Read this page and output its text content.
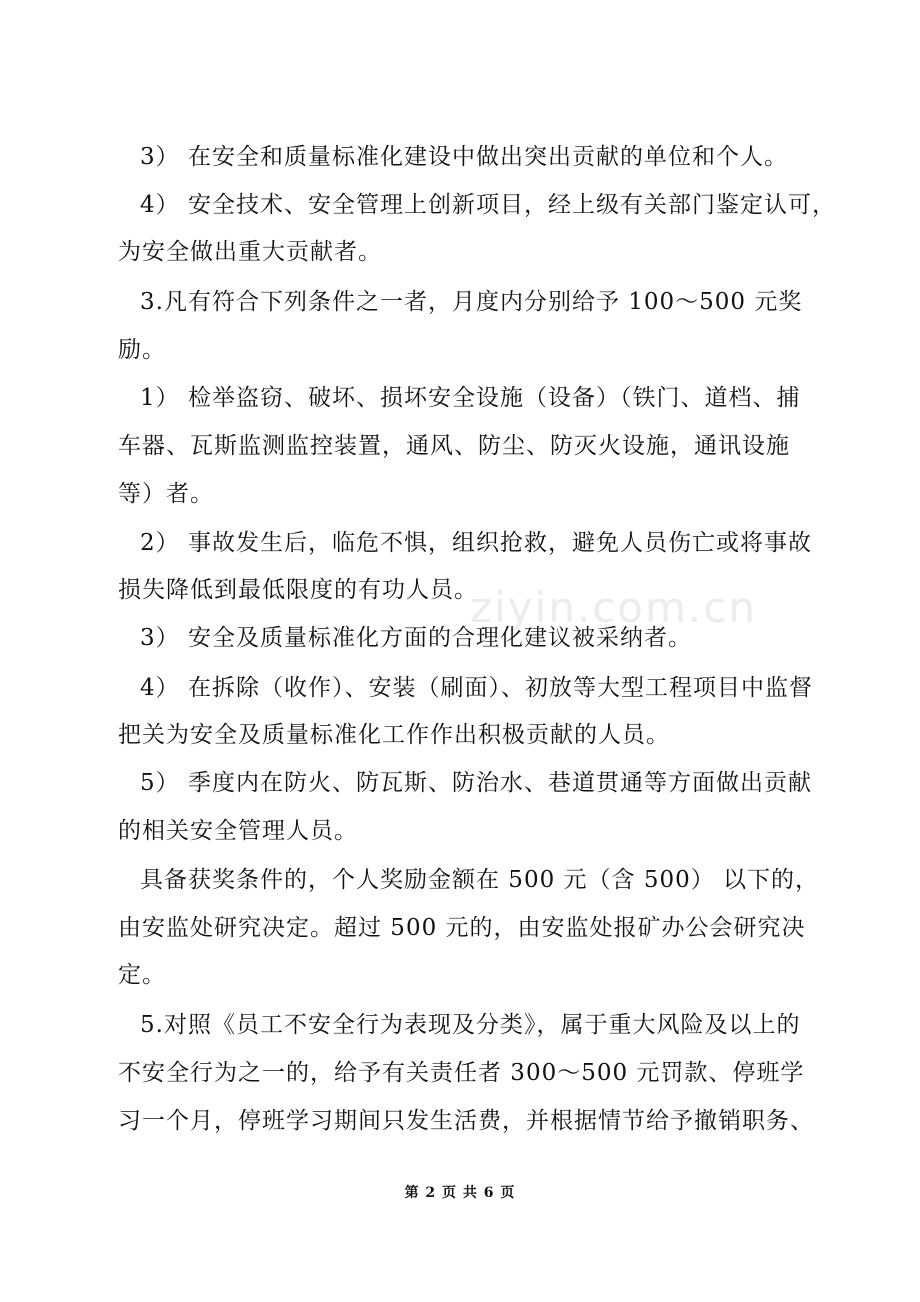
ziyin.com.cn
3） 在安全和质量标准化建设中做出突出贡献的单位和个人。
4） 安全技术、安全管理上创新项目，经上级有关部门鉴定认可，
为安全做出重大贡献者。
3.凡有符合下列条件之一者，月度内分别给予 100～500 元奖
励。
1） 检举盗窃、破坏、损坏安全设施（设备）（铁门、道档、捕
车器、瓦斯监测监控装置，通风、防尘、防灭火设施，通讯设施
等）者。
2） 事故发生后，临危不惧，组织抢救，避免人员伤亡或将事故
损失降低到最低限度的有功人员。
3） 安全及质量标准化方面的合理化建议被采纳者。
4） 在拆除（收作）、安装（刷面）、初放等大型工程项目中监督
把关为安全及质量标准化工作作出积极贡献的人员。
5） 季度内在防火、防瓦斯、防治水、巷道贯通等方面做出贡献
的相关安全管理人员。
具备获奖条件的，个人奖励金额在 500 元（含 500） 以下的，
由安监处研究决定。超过 500 元的，由安监处报矿办公会研究决
定。
5.对照《员工不安全行为表现及分类》，属于重大风险及以上的
不安全行为之一的，给予有关责任者 300～500 元罚款、停班学
习一个月，停班学习期间只发生活费，并根据情节给予撤销职务、
第 2 页 共 6 页
